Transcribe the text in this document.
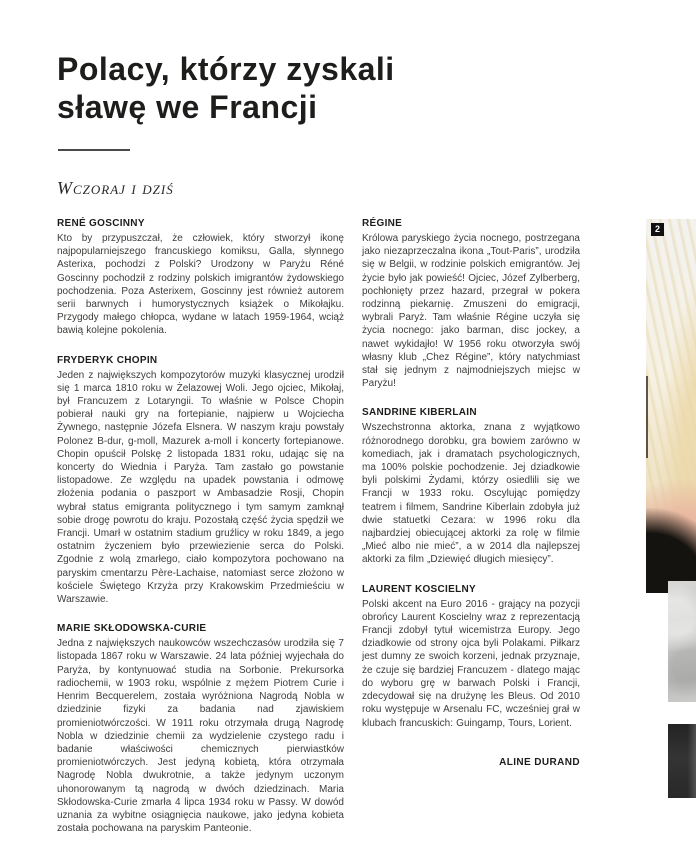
Polacy, którzy zyskali
sławę we Francji
Wczoraj i dziś
RENÉ GOSCINNY

Kto by przypuszczał, że człowiek, który stworzył ikonę najpopularniejszego francuskiego komiksu, Galla, słynnego Asterixa, pochodzi z Polski? Urodzony w Paryżu Réné Goscinny pochodził z rodziny polskich imigrantów żydowskiego pochodzenia. Poza Asterixem, Goscinny jest również autorem serii barwnych i humorystycznych książek o Mikołajku. Przygody małego chłopca, wydane w latach 1959-1964, wciąż bawią kolejne pokolenia.

FRYDERYK CHOPIN

Jeden z największych kompozytorów muzyki klasycznej urodził się 1 marca 1810 roku w Żelazowej Woli. Jego ojciec, Mikołaj, był Francuzem z Lotaryngii. To właśnie w Polsce Chopin pobierał nauki gry na fortepianie, najpierw u Wojciecha Żywnego, następnie Józefa Elsnera. W naszym kraju powstały Polonez B-dur, g-moll, Mazurek a-moll i koncerty fortepianowe. Chopin opuścił Polskę 2 listopada 1831 roku, udając się na koncerty do Wiednia i Paryża. Tam zastało go powstanie listopadowe. Ze względu na upadek powstania i odmowę złożenia podania o paszport w Ambasadzie Rosji, Chopin wybrał status emigranta politycznego i tym samym zamknął sobie drogę powrotu do kraju. Pozostałą część życia spędził we Francji. Umarł w ostatnim stadium gruźlicy w roku 1849, a jego ostatnim życzeniem było przewiezienie serca do Polski. Zgodnie z wolą zmarłego, ciało kompozytora pochowano na paryskim cmentarzu Père-Lachaise, natomiast serce złożono w kościele Świętego Krzyża przy Krakowskim Przedmieściu w Warszawie.

MARIE SKŁODOWSKA-CURIE

Jedna z największych naukowców wszechczasów urodziła się 7 listopada 1867 roku w Warszawie. 24 lata później wyjechała do Paryża, by kontynuować studia na Sorbonie. Prekursorka radiochemii, w 1903 roku, wspólnie z mężem Piotrem Curie i Henrim Becquerelem, została wyróżniona Nagrodą Nobla w dziedzinie fizyki za badania nad zjawiskiem promieniotwórczości. W 1911 roku otrzymała drugą Nagrodę Nobla w dziedzinie chemii za wydzielenie czystego radu i badanie właściwości chemicznych pierwiastków promieniotwórczych. Jest jedyną kobietą, która otrzymała Nagrodę Nobla dwukrotnie, a także jedynym uczonym uhonorowanym tą nagrodą w dwóch dziedzinach. Maria Skłodowska-Curie zmarła 4 lipca 1934 roku w Passy. W dowód uznania za wybitne osiągnięcia naukowe, jako jedyna kobieta została pochowana na paryskim Panteonie.

RÉGINE

Królowa paryskiego życia nocnego, postrzegana jako niezaprzeczalna ikona „Tout-Paris”, urodziła się w Belgii, w rodzinie polskich emigrantów. Jej życie było jak powieść! Ojciec, Józef Zylberberg, pochłonięty przez hazard, przegrał w pokera rodzinną piekarnię. Zmuszeni do emigracji, wybrali Paryż. Tam właśnie Régine uczyła się życia nocnego: jako barman, disc jockey, a nawet wykidajło! W 1956 roku otworzyła swój własny klub „Chez Régine”, który natychmiast stał się jednym z najmodniejszych miejsc w Paryżu!

SANDRINE KIBERLAIN

Wszechstronna aktorka, znana z wyjątkowo różnorodnego dorobku, gra bowiem zarówno w komediach, jak i dramatach psychologicznych, ma 100% polskie pochodzenie. Jej dziadkowie byli polskimi Żydami, którzy osiedlili się we Francji w 1933 roku. Oscylując pomiędzy teatrem i filmem, Sandrine Kiberlain zdobyła już dwie statuetki Cezara: w 1996 roku dla najbardziej obiecującej aktorki za rolę w filmie „Mieć albo nie mieć”, a w 2014 dla najlepszej aktorki za film „Dziewięć długich miesięcy”.

LAURENT KOSCIELNY

Polski akcent na Euro 2016 - grający na pozycji obrońcy Laurent Koscielny wraz z reprezentacją Francji zdobył tytuł wicemistrza Europy. Jego dziadkowie od strony ojca byli Polakami. Piłkarz jest dumny ze swoich korzeni, jednak przyznaje, że czuje się bardziej Francuzem - dlatego mając do wyboru grę w barwach Polski i Francji, zdecydował się na drużynę les Bleus. Od 2010 roku występuje w Arsenalu FC, wcześniej grał w klubach francuskich: Guingamp, Tours, Lorient.

ALINE DURAND
2
